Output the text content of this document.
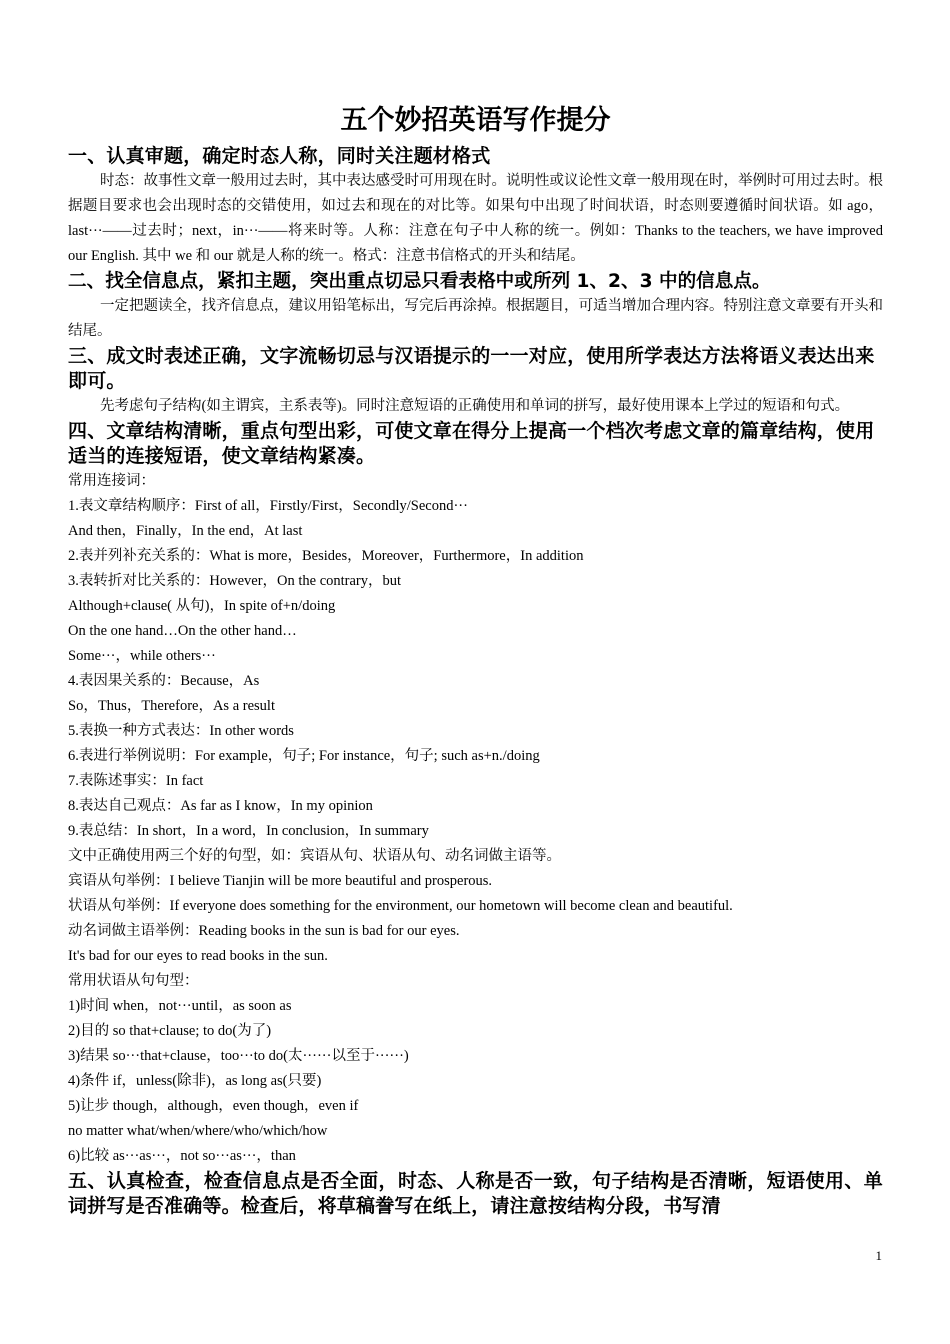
五个妙招英语写作提分
一、认真审题，确定时态人称，同时关注题材格式
时态：故事性文章一般用过去时，其中表达感受时可用现在时。说明性或议论性文章一般用现在时，举例时可用过去时。根据题目要求也会出现时态的交错使用，如过去和现在的对比等。如果句中出现了时间状语，时态则要遵循时间状语。如 ago，last···——过去时；next，in···——将来时等。人称：注意在句子中人称的统一。例如：Thanks to the teachers, we have improved our English. 其中 we 和 our 就是人称的统一。格式：注意书信格式的开头和结尾。
二、找全信息点，紧扣主题，突出重点切忌只看表格中或所列 1、2、3 中的信息点。
一定把题读全，找齐信息点，建议用铅笔标出，写完后再涂掉。根据题目，可适当增加合理内容。特别注意文章要有开头和结尾。
三、成文时表述正确，文字流畅切忌与汉语提示的一一对应，使用所学表达方法将语义表达出来即可。
先考虑句子结构(如主谓宾，主系表等)。同时注意短语的正确使用和单词的拼写，最好使用课本上学过的短语和句式。
四、文章结构清晰，重点句型出彩，可使文章在得分上提高一个档次考虑文章的篇章结构，使用适当的连接短语，使文章结构紧凑。
常用连接词：
1.表文章结构顺序：First of all，Firstly/First，Secondly/Second···
And then，Finally，In the end，At last
2.表并列补充关系的：What is more，Besides，Moreover，Furthermore，In addition
3.表转折对比关系的：However，On the contrary，but
Although+clause( 从句)，In spite of+n/doing
On the one hand…On the other hand…
Some···，while others···
4.表因果关系的：Because，As
So，Thus，Therefore，As a result
5.表换一种方式表达：In other words
6.表进行举例说明：For example，句子; For instance，句子; such as+n./doing
7.表陈述事实：In fact
8.表达自己观点：As far as I know，In my opinion
9.表总结：In short，In a word，In conclusion，In summary
文中正确使用两三个好的句型，如：宾语从句、状语从句、动名词做主语等。
宾语从句举例：I believe Tianjin will be more beautiful and prosperous.
状语从句举例：If everyone does something for the environment, our hometown will become clean and beautiful.
动名词做主语举例：Reading books in the sun is bad for our eyes.
It's bad for our eyes to read books in the sun.
常用状语从句句型：
1)时间 when，not···until，as soon as
2)目的 so that+clause; to do(为了)
3)结果 so···that+clause，too···to do(太······以至于······)
4)条件 if，unless(除非)，as long as(只要)
5)让步 though，although，even though，even if
no matter what/when/where/who/which/how
6)比较 as···as···，not so···as···，than
五、认真检查，检查信息点是否全面，时态、人称是否一致，句子结构是否清晰，短语使用、单词拼写是否准确等。检查后，将草稿誊写在纸上，请注意按结构分段，书写清
1
